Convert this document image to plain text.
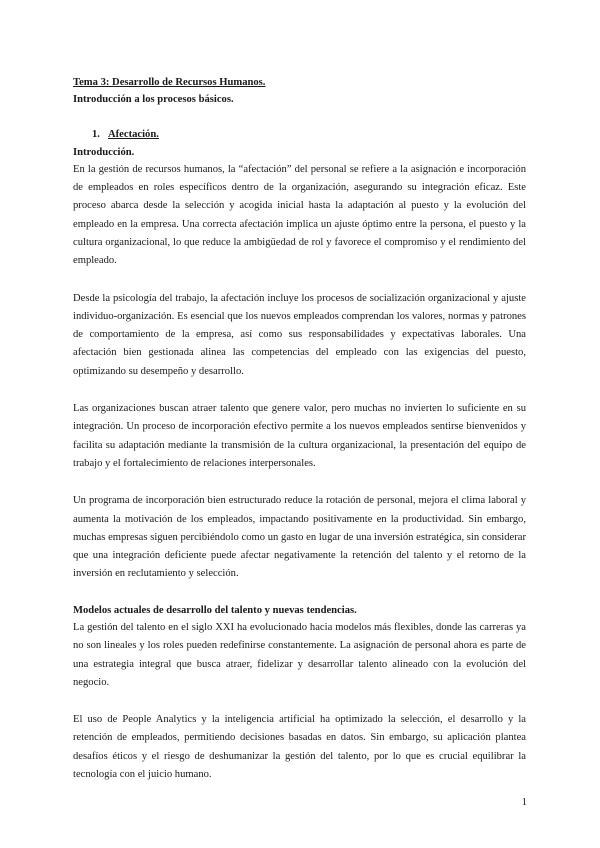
Tema 3: Desarrollo de Recursos Humanos.

Introducción a los procesos básicos.

1. Afectación.

Introducción.

En la gestión de recursos humanos, la “afectación” del personal se refiere a la asignación e incorporación de empleados en roles específicos dentro de la organización, asegurando su integración eficaz. Este proceso abarca desde la selección y acogida inicial hasta la adaptación al puesto y la evolución del empleado en la empresa. Una correcta afectación implica un ajuste óptimo entre la persona, el puesto y la cultura organizacional, lo que reduce la ambigüedad de rol y favorece el compromiso y el rendimiento del empleado.

Desde la psicología del trabajo, la afectación incluye los procesos de socialización organizacional y ajuste individuo-organización. Es esencial que los nuevos empleados comprendan los valores, normas y patrones de comportamiento de la empresa, así como sus responsabilidades y expectativas laborales. Una afectación bien gestionada alinea las competencias del empleado con las exigencias del puesto, optimizando su desempeño y desarrollo.

Las organizaciones buscan atraer talento que genere valor, pero muchas no invierten lo suficiente en su integración. Un proceso de incorporación efectivo permite a los nuevos empleados sentirse bienvenidos y facilita su adaptación mediante la transmisión de la cultura organizacional, la presentación del equipo de trabajo y el fortalecimiento de relaciones interpersonales.

Un programa de incorporación bien estructurado reduce la rotación de personal, mejora el clima laboral y aumenta la motivación de los empleados, impactando positivamente en la productividad. Sin embargo, muchas empresas siguen percibiéndolo como un gasto en lugar de una inversión estratégica, sin considerar que una integración deficiente puede afectar negativamente la retención del talento y el retorno de la inversión en reclutamiento y selección.

Modelos actuales de desarrollo del talento y nuevas tendencias.

La gestión del talento en el siglo XXI ha evolucionado hacia modelos más flexibles, donde las carreras ya no son lineales y los roles pueden redefinirse constantemente. La asignación de personal ahora es parte de una estrategia integral que busca atraer, fidelizar y desarrollar talento alineado con la evolución del negocio.

El uso de People Analytics y la inteligencia artificial ha optimizado la selección, el desarrollo y la retención de empleados, permitiendo decisiones basadas en datos. Sin embargo, su aplicación plantea desafíos éticos y el riesgo de deshumanizar la gestión del talento, por lo que es crucial equilibrar la tecnología con el juicio humano.

1
